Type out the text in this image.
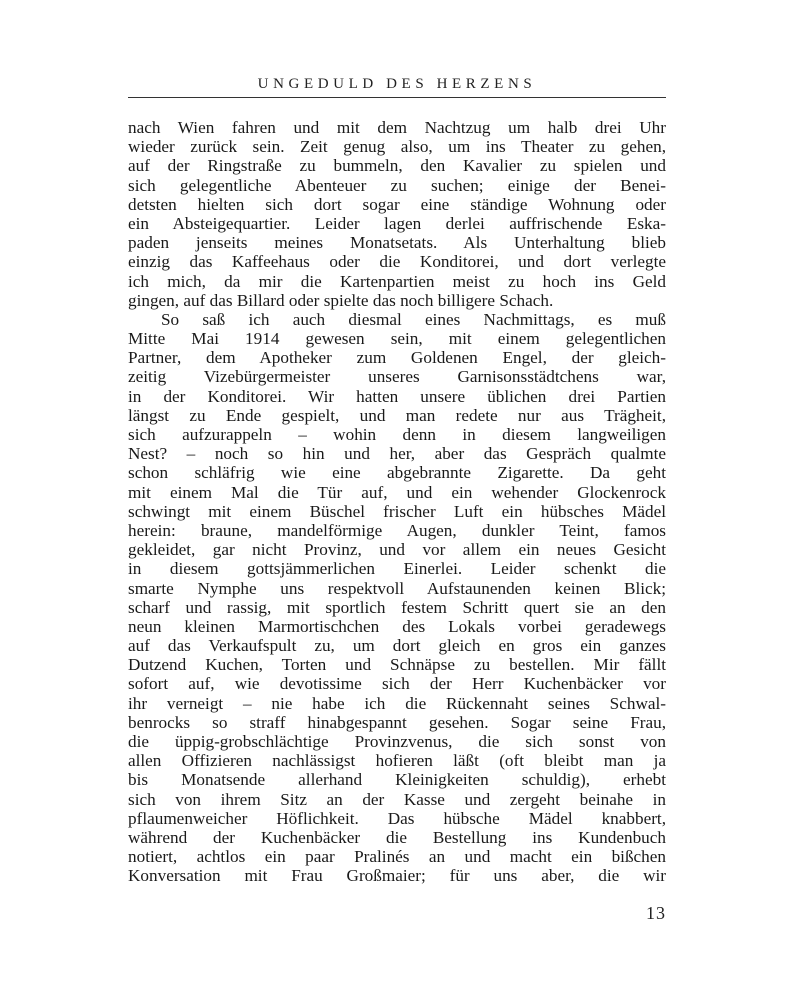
UNGEDULD DES HERZENS
nach Wien fahren und mit dem Nachtzug um halb drei Uhr
wieder zurück sein. Zeit genug also, um ins Theater zu gehen,
auf der Ringstraße zu bummeln, den Kavalier zu spielen und
sich gelegentliche Abenteuer zu suchen; einige der Benei-
detsten hielten sich dort sogar eine ständige Wohnung oder
ein Absteigequartier. Leider lagen derlei auffrischende Eska-
paden jenseits meines Monatsetats. Als Unterhaltung blieb
einzig das Kaffeehaus oder die Konditorei, und dort verlegte
ich mich, da mir die Kartenpartien meist zu hoch ins Geld
gingen, auf das Billard oder spielte das noch billigere Schach.
So saß ich auch diesmal eines Nachmittags, es muß
Mitte Mai 1914 gewesen sein, mit einem gelegentlichen
Partner, dem Apotheker zum Goldenen Engel, der gleich-
zeitig Vizebürgermeister unseres Garnisonsstädtchens war,
in der Konditorei. Wir hatten unsere üblichen drei Partien
längst zu Ende gespielt, und man redete nur aus Trägheit,
sich aufzurappeln – wohin denn in diesem langweiligen
Nest? – noch so hin und her, aber das Gespräch qualmte
schon schläfrig wie eine abgebrannte Zigarette. Da geht
mit einem Mal die Tür auf, und ein wehender Glockenrock
schwingt mit einem Büschel frischer Luft ein hübsches Mädel
herein: braune, mandelförmige Augen, dunkler Teint, famos
gekleidet, gar nicht Provinz, und vor allem ein neues Gesicht
in diesem gottsjämmerlichen Einerlei. Leider schenkt die
smarte Nymphe uns respektvoll Aufstaunenden keinen Blick;
scharf und rassig, mit sportlich festem Schritt quert sie an den
neun kleinen Marmortischchen des Lokals vorbei geradewegs
auf das Verkaufspult zu, um dort gleich en gros ein ganzes
Dutzend Kuchen, Torten und Schnäpse zu bestellen. Mir fällt
sofort auf, wie devotissime sich der Herr Kuchenbäcker vor
ihr verneigt – nie habe ich die Rückennaht seines Schwal-
benrocks so straff hinabgespannt gesehen. Sogar seine Frau,
die üppig-grobschlächtige Provinzvenus, die sich sonst von
allen Offizieren nachlässigst hofieren läßt (oft bleibt man ja
bis Monatsende allerhand Kleinigkeiten schuldig), erhebt
sich von ihrem Sitz an der Kasse und zergeht beinahe in
pflaumenweicher Höflichkeit. Das hübsche Mädel knabbert,
während der Kuchenbäcker die Bestellung ins Kundenbuch
notiert, achtlos ein paar Pralinés an und macht ein bißchen
Konversation mit Frau Großmaier; für uns aber, die wir
13
